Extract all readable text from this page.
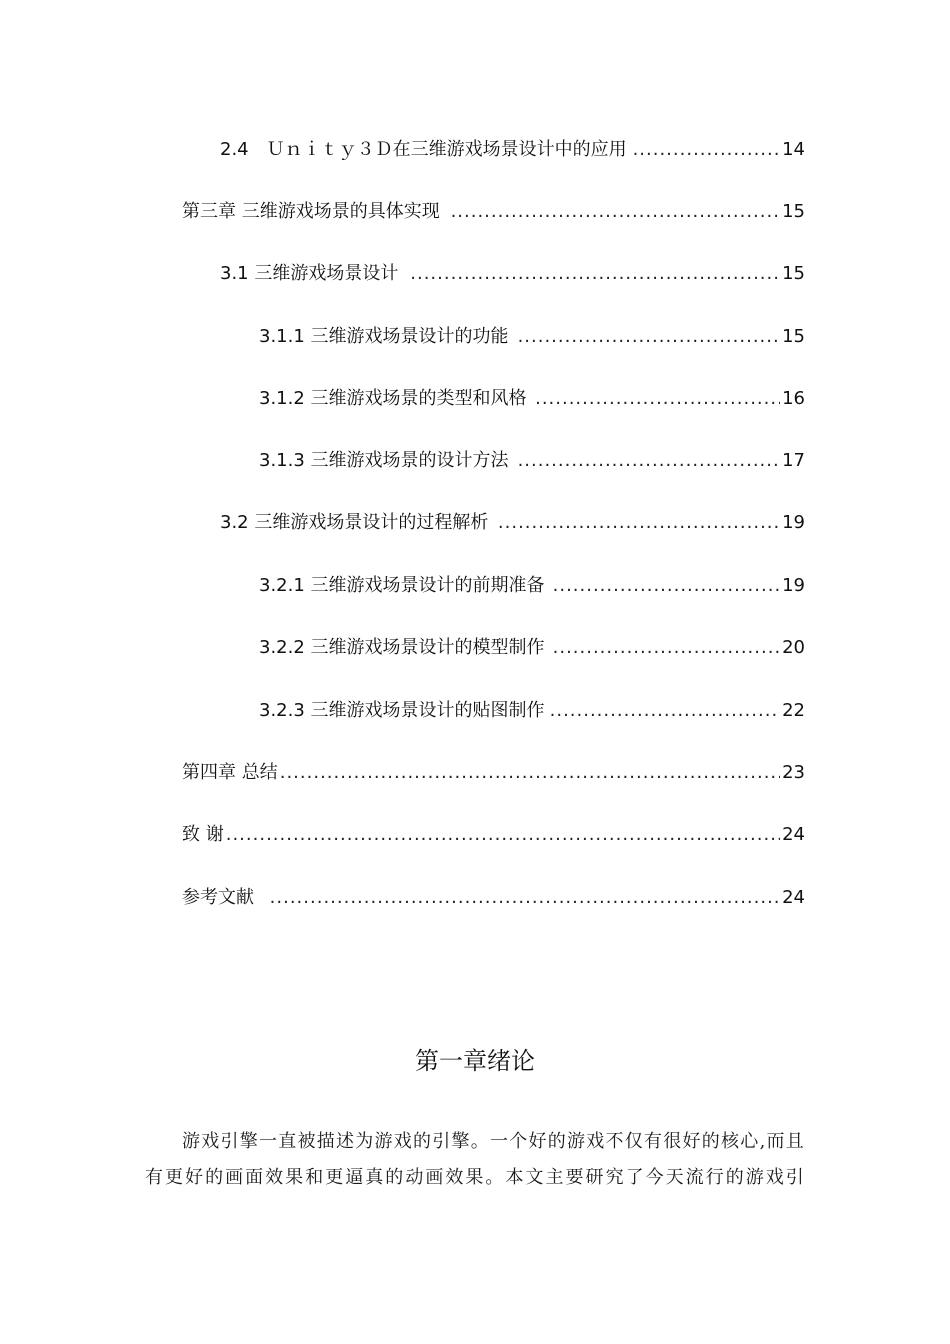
2.4　Ｕｎｉｔｙ３Ｄ在三维游戏场景设计中的应用 .....	14
第三章 三维游戏场景的具体实现 .....	15
3.1 三维游戏场景设计 .....	15
3.1.1 三维游戏场景设计的功能 .....	15
3.1.2 三维游戏场景的类型和风格 .....	16
3.1.3 三维游戏场景的设计方法 .....	17
3.2 三维游戏场景设计的过程解析 .....	19
3.2.1 三维游戏场景设计的前期准备 .....	19
3.2.2 三维游戏场景设计的模型制作 .....	20
3.2.3 三维游戏场景设计的贴图制作 .....	22
第四章 总结 .....	23
致 谢 .....	24
参考文献 .....	24
第一章绪论
游戏引擎一直被描述为游戏的引擎。一个好的游戏不仅有很好的核心,而且
有更好的画面效果和更逼真的动画效果。本文主要研究了今天流行的游戏引
